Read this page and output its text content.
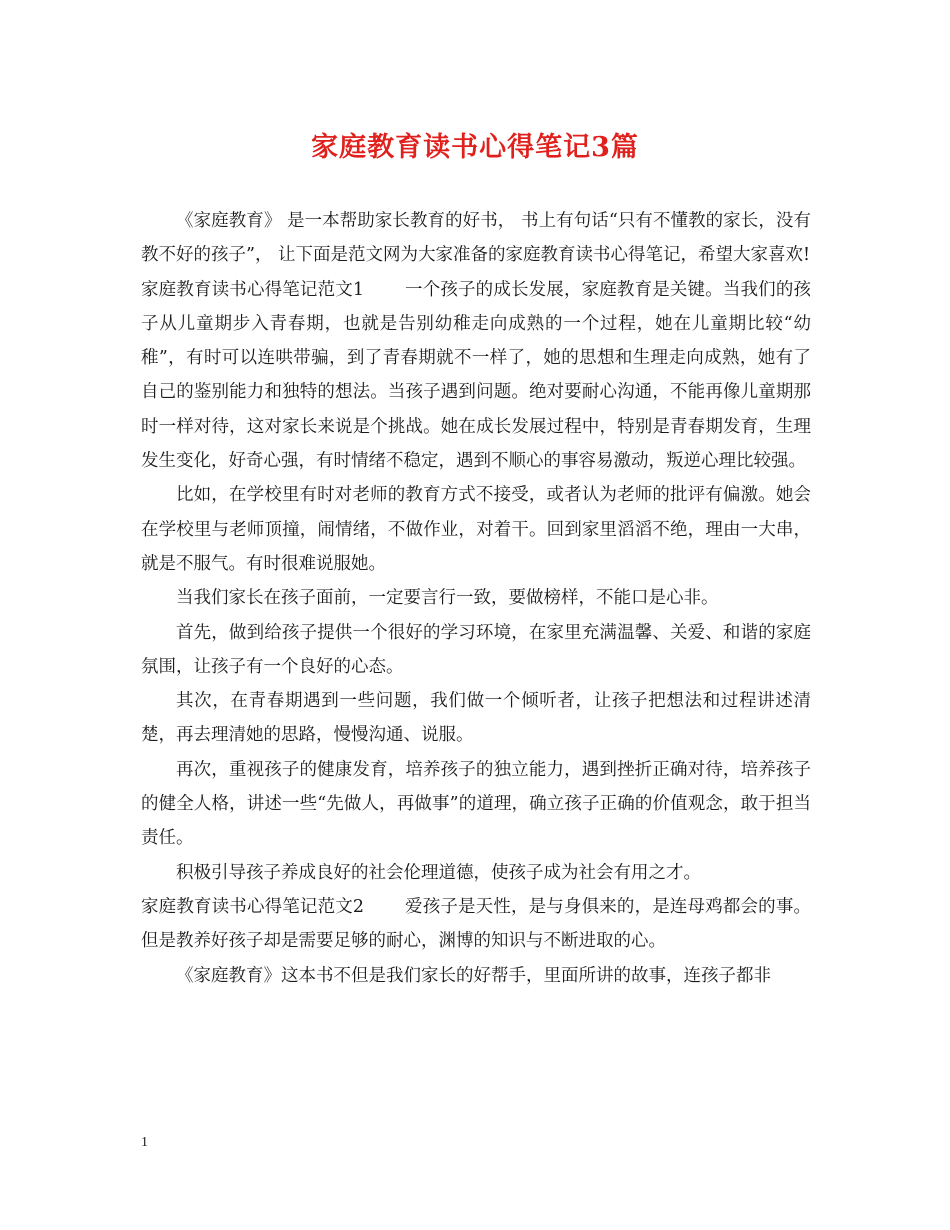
家庭教育读书心得笔记3篇

《家庭教育》 是一本帮助家长教育的好书， 书上有句话“只有不懂教的家长，没有教不好的孩子”， 让下面是范文网为大家准备的家庭教育读书心得笔记，希望大家喜欢!

家庭教育读书心得笔记范文1 　　一个孩子的成长发展，家庭教育是关键。当我们的孩子从儿童期步入青春期，也就是告别幼稚走向成熟的一个过程，她在儿童期比较“幼稚”，有时可以连哄带骗，到了青春期就不一样了，她的思想和生理走向成熟，她有了自己的鉴别能力和独特的想法。当孩子遇到问题。绝对要耐心沟通，不能再像儿童期那时一样对待，这对家长来说是个挑战。她在成长发展过程中，特别是青春期发育，生理发生变化，好奇心强，有时情绪不稳定，遇到不顺心的事容易激动，叛逆心理比较强。

比如，在学校里有时对老师的教育方式不接受，或者认为老师的批评有偏激。她会在学校里与老师顶撞，闹情绪，不做作业，对着干。回到家里滔滔不绝，理由一大串，就是不服气。有时很难说服她。

当我们家长在孩子面前，一定要言行一致，要做榜样，不能口是心非。

首先，做到给孩子提供一个很好的学习环境，在家里充满温馨、关爱、和谐的家庭氛围，让孩子有一个良好的心态。

其次，在青春期遇到一些问题，我们做一个倾听者，让孩子把想法和过程讲述清楚，再去理清她的思路，慢慢沟通、说服。

再次，重视孩子的健康发育，培养孩子的独立能力，遇到挫折正确对待，培养孩子的健全人格，讲述一些“先做人，再做事”的道理，确立孩子正确的价值观念，敢于担当责任。

积极引导孩子养成良好的社会伦理道德，使孩子成为社会有用之才。

家庭教育读书心得笔记范文2 　　爱孩子是天性，是与身俱来的，是连母鸡都会的事。但是教养好孩子却是需要足够的耐心，渊博的知识与不断进取的心。

《家庭教育》这本书不但是我们家长的好帮手，里面所讲的故事，连孩子都非

1
